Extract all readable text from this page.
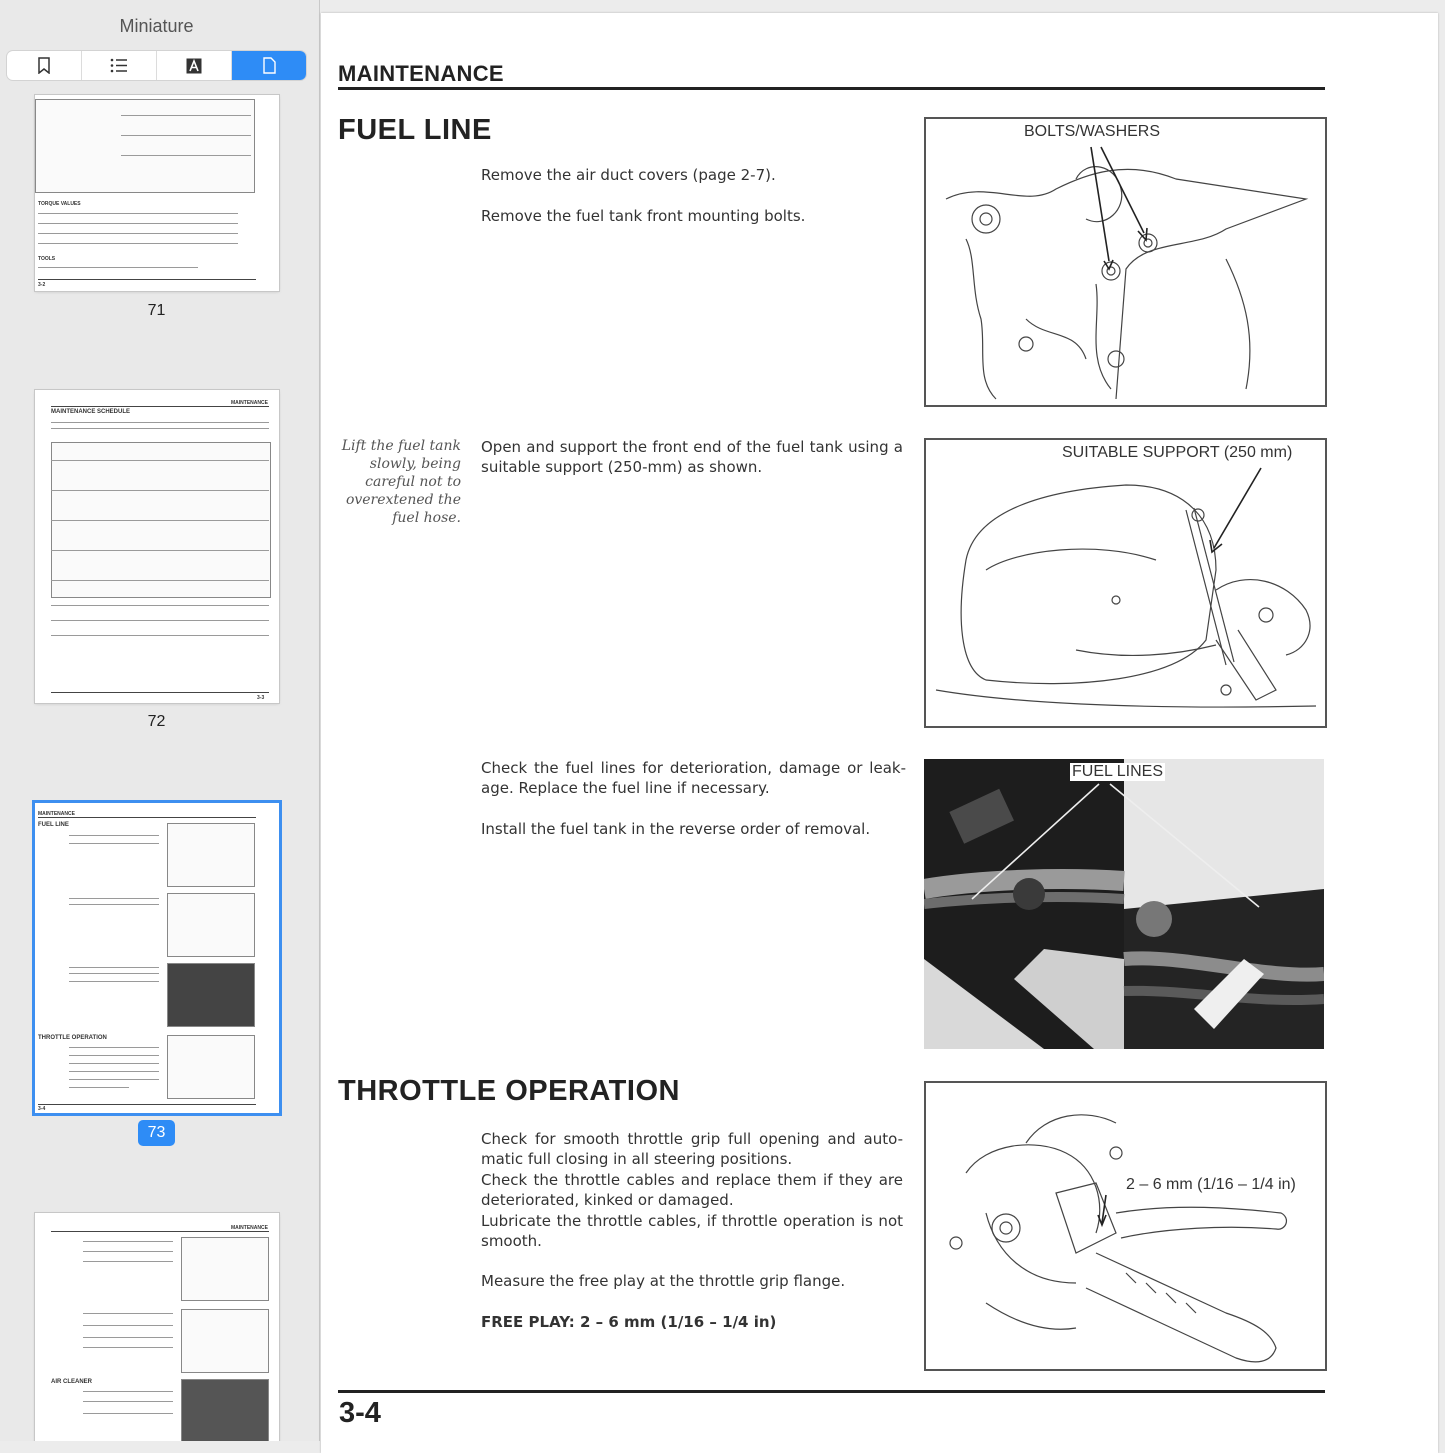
Miniature
TORQUE VALUES
TOOLS
3-2
71
MAINTENANCE
MAINTENANCE SCHEDULE
3-3
72
MAINTENANCE
FUEL LINE
THROTTLE OPERATION
3-4
73
MAINTENANCE
AIR CLEANER
MAINTENANCE
FUEL LINE
Remove the air duct covers (page 2-7).
Remove the fuel tank front mounting bolts.
BOLTS/WASHERS
Lift the fuel tank slowly, being careful not to overextened the fuel hose.
Open and support the front end of the fuel tank using a suitable support (250-mm) as shown.
SUITABLE SUPPORT (250 mm)
Check the fuel lines for deterioration, damage or leak-age. Replace the fuel line if necessary.
Install the fuel tank in the reverse order of removal.
FUEL LINES
THROTTLE OPERATION
Check for smooth throttle grip full opening and auto-matic full closing in all steering positions.
Check the throttle cables and replace them if they are deteriorated, kinked or damaged.
Lubricate the throttle cables, if throttle operation is not smooth.
Measure the free play at the throttle grip flange.
FREE PLAY: 2 – 6 mm (1/16 – 1/4 in)
2 – 6 mm (1/16 – 1/4 in)
3-4
